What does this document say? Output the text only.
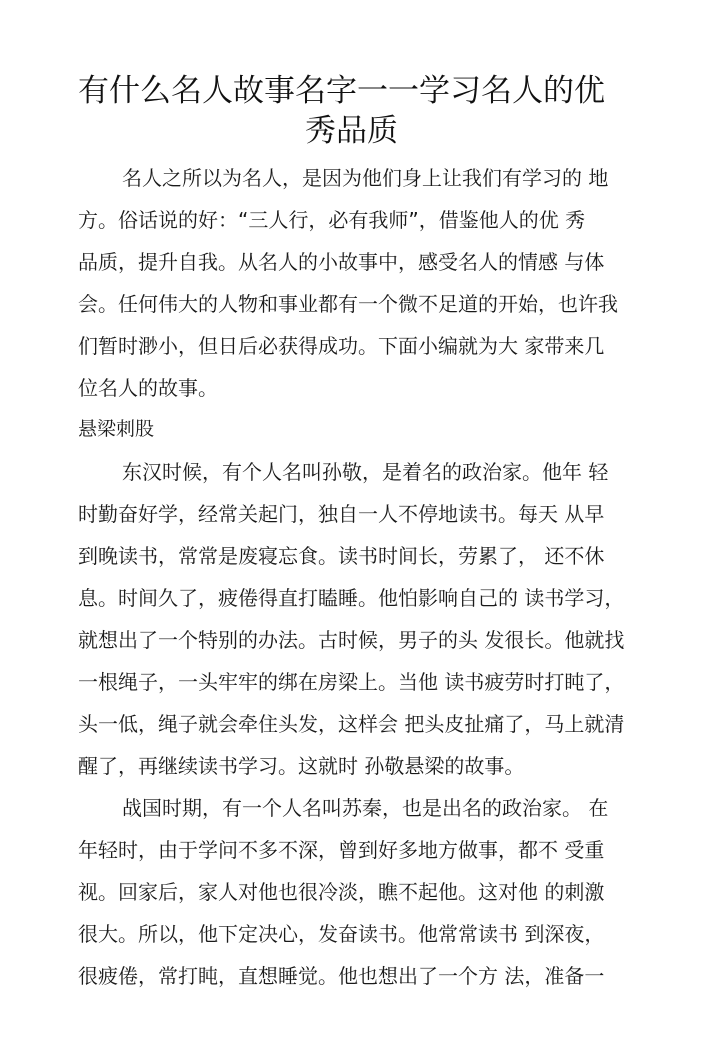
有什么名人故事名字一一学习名人的优
秀品质
名人之所以为名人，是因为他们身上让我们有学习的 地
方。俗话说的好：“三人行，必有我师”，借鉴他人的优 秀
品质，提升自我。从名人的小故事中，感受名人的情感 与体
会。任何伟大的人物和事业都有一个微不足道的开始，也许我
们暂时渺小，但日后必获得成功。下面小编就为大 家带来几
位名人的故事。
悬梁刺股
东汉时候，有个人名叫孙敬，是着名的政治家。他年 轻
时勤奋好学，经常关起门，独自一人不停地读书。每天 从早
到晚读书，常常是废寝忘食。读书时间长，劳累了， 还不休
息。时间久了，疲倦得直打瞌睡。他怕影响自己的 读书学习，
就想出了一个特别的办法。古时候，男子的头 发很长。他就找
一根绳子，一头牢牢的绑在房梁上。当他 读书疲劳时打盹了，
头一低，绳子就会牵住头发，这样会 把头皮扯痛了，马上就清
醒了，再继续读书学习。这就时 孙敬悬梁的故事。
战国时期，有一个人名叫苏秦，也是出名的政治家。 在
年轻时，由于学问不多不深，曾到好多地方做事，都不 受重
视。回家后，家人对他也很冷淡，瞧不起他。这对他 的刺激
很大。所以，他下定决心，发奋读书。他常常读书 到深夜，
很疲倦，常打盹，直想睡觉。他也想出了一个方 法，准备一
